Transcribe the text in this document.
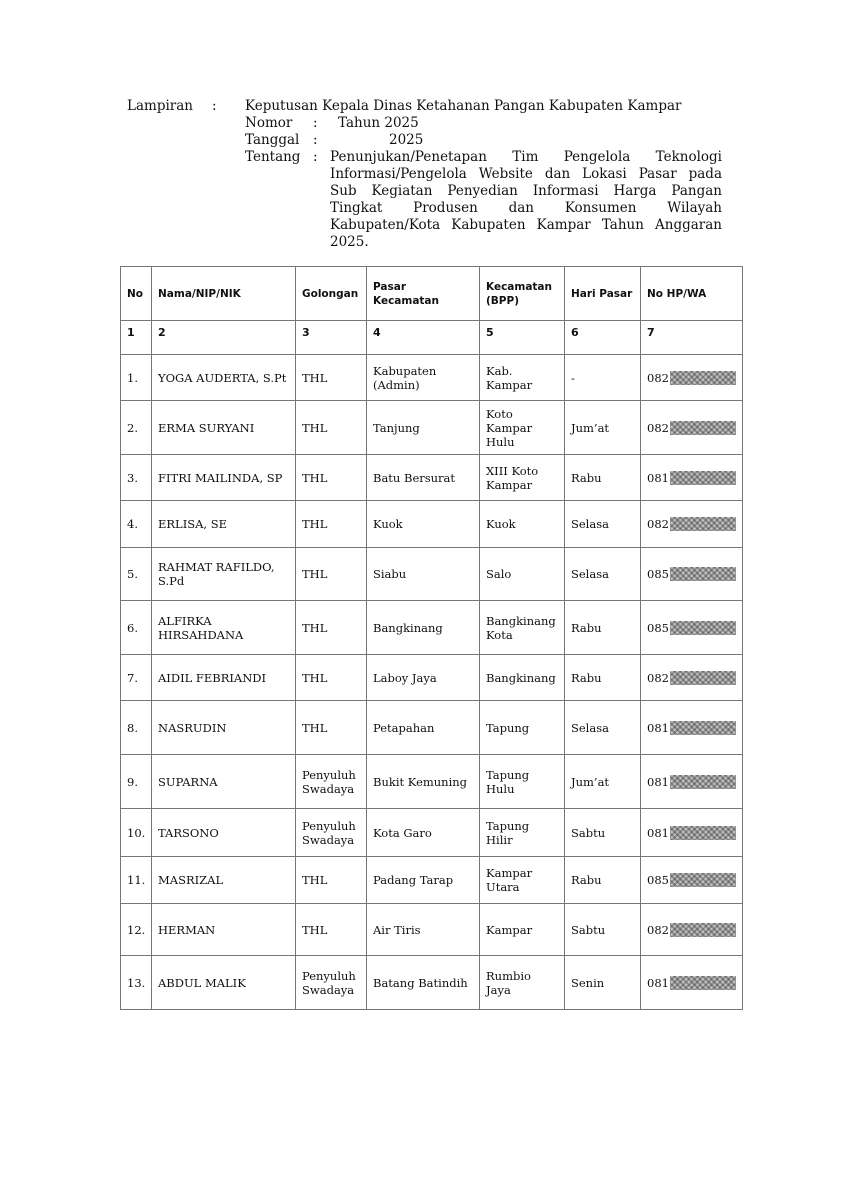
Lampiran : Keputusan Kepala Dinas Ketahanan Pangan Kabupaten Kampar
Nomor : Tahun 2025
Tanggal :	2025
Tentang : Penunjukan/Penetapan Tim Pengelola Teknologi
Informasi/Pengelola Website dan Lokasi Pasar pada
Sub Kegiatan Penyedian Informasi Harga Pangan
Tingkat Produsen dan Konsumen Wilayah
Kabupaten/Kota Kabupaten Kampar Tahun Anggaran
2025.
No	Nama/NIP/NIK	Golongan	Pasar Kecamatan	Kecamatan (BPP)	Hari Pasar	No HP/WA
1	2	3	4	5	6	7
1.	YOGA AUDERTA, S.Pt	THL	Kabupaten (Admin)	Kab. Kampar	-	082

2.	ERMA SURYANI	THL	Tanjung	Koto Kampar Hulu	Jum’at	082

3.	FITRI MAILINDA, SP	THL	Batu Bersurat	XIII Koto Kampar	Rabu	081

4.	ERLISA, SE	THL	Kuok	Kuok	Selasa	082

5.	RAHMAT RAFILDO, S.Pd	THL	Siabu	Salo	Selasa	085

6.	ALFIRKA HIRSAHDANA	THL	Bangkinang	Bangkinang Kota	Rabu	085

7.	AIDIL FEBRIANDI	THL	Laboy Jaya	Bangkinang	Rabu	082

8.	NASRUDIN	THL	Petapahan	Tapung	Selasa	081

9.	SUPARNA	Penyuluh Swadaya	Bukit Kemuning	Tapung Hulu	Jum’at	081

10.	TARSONO	Penyuluh Swadaya	Kota Garo	Tapung Hilir	Sabtu	081

11.	MASRIZAL	THL	Padang Tarap	Kampar Utara	Rabu	085

12.	HERMAN	THL	Air Tiris	Kampar	Sabtu	082

13.	ABDUL MALIK	Penyuluh Swadaya	Batang Batindih	Rumbio Jaya	Senin	081
